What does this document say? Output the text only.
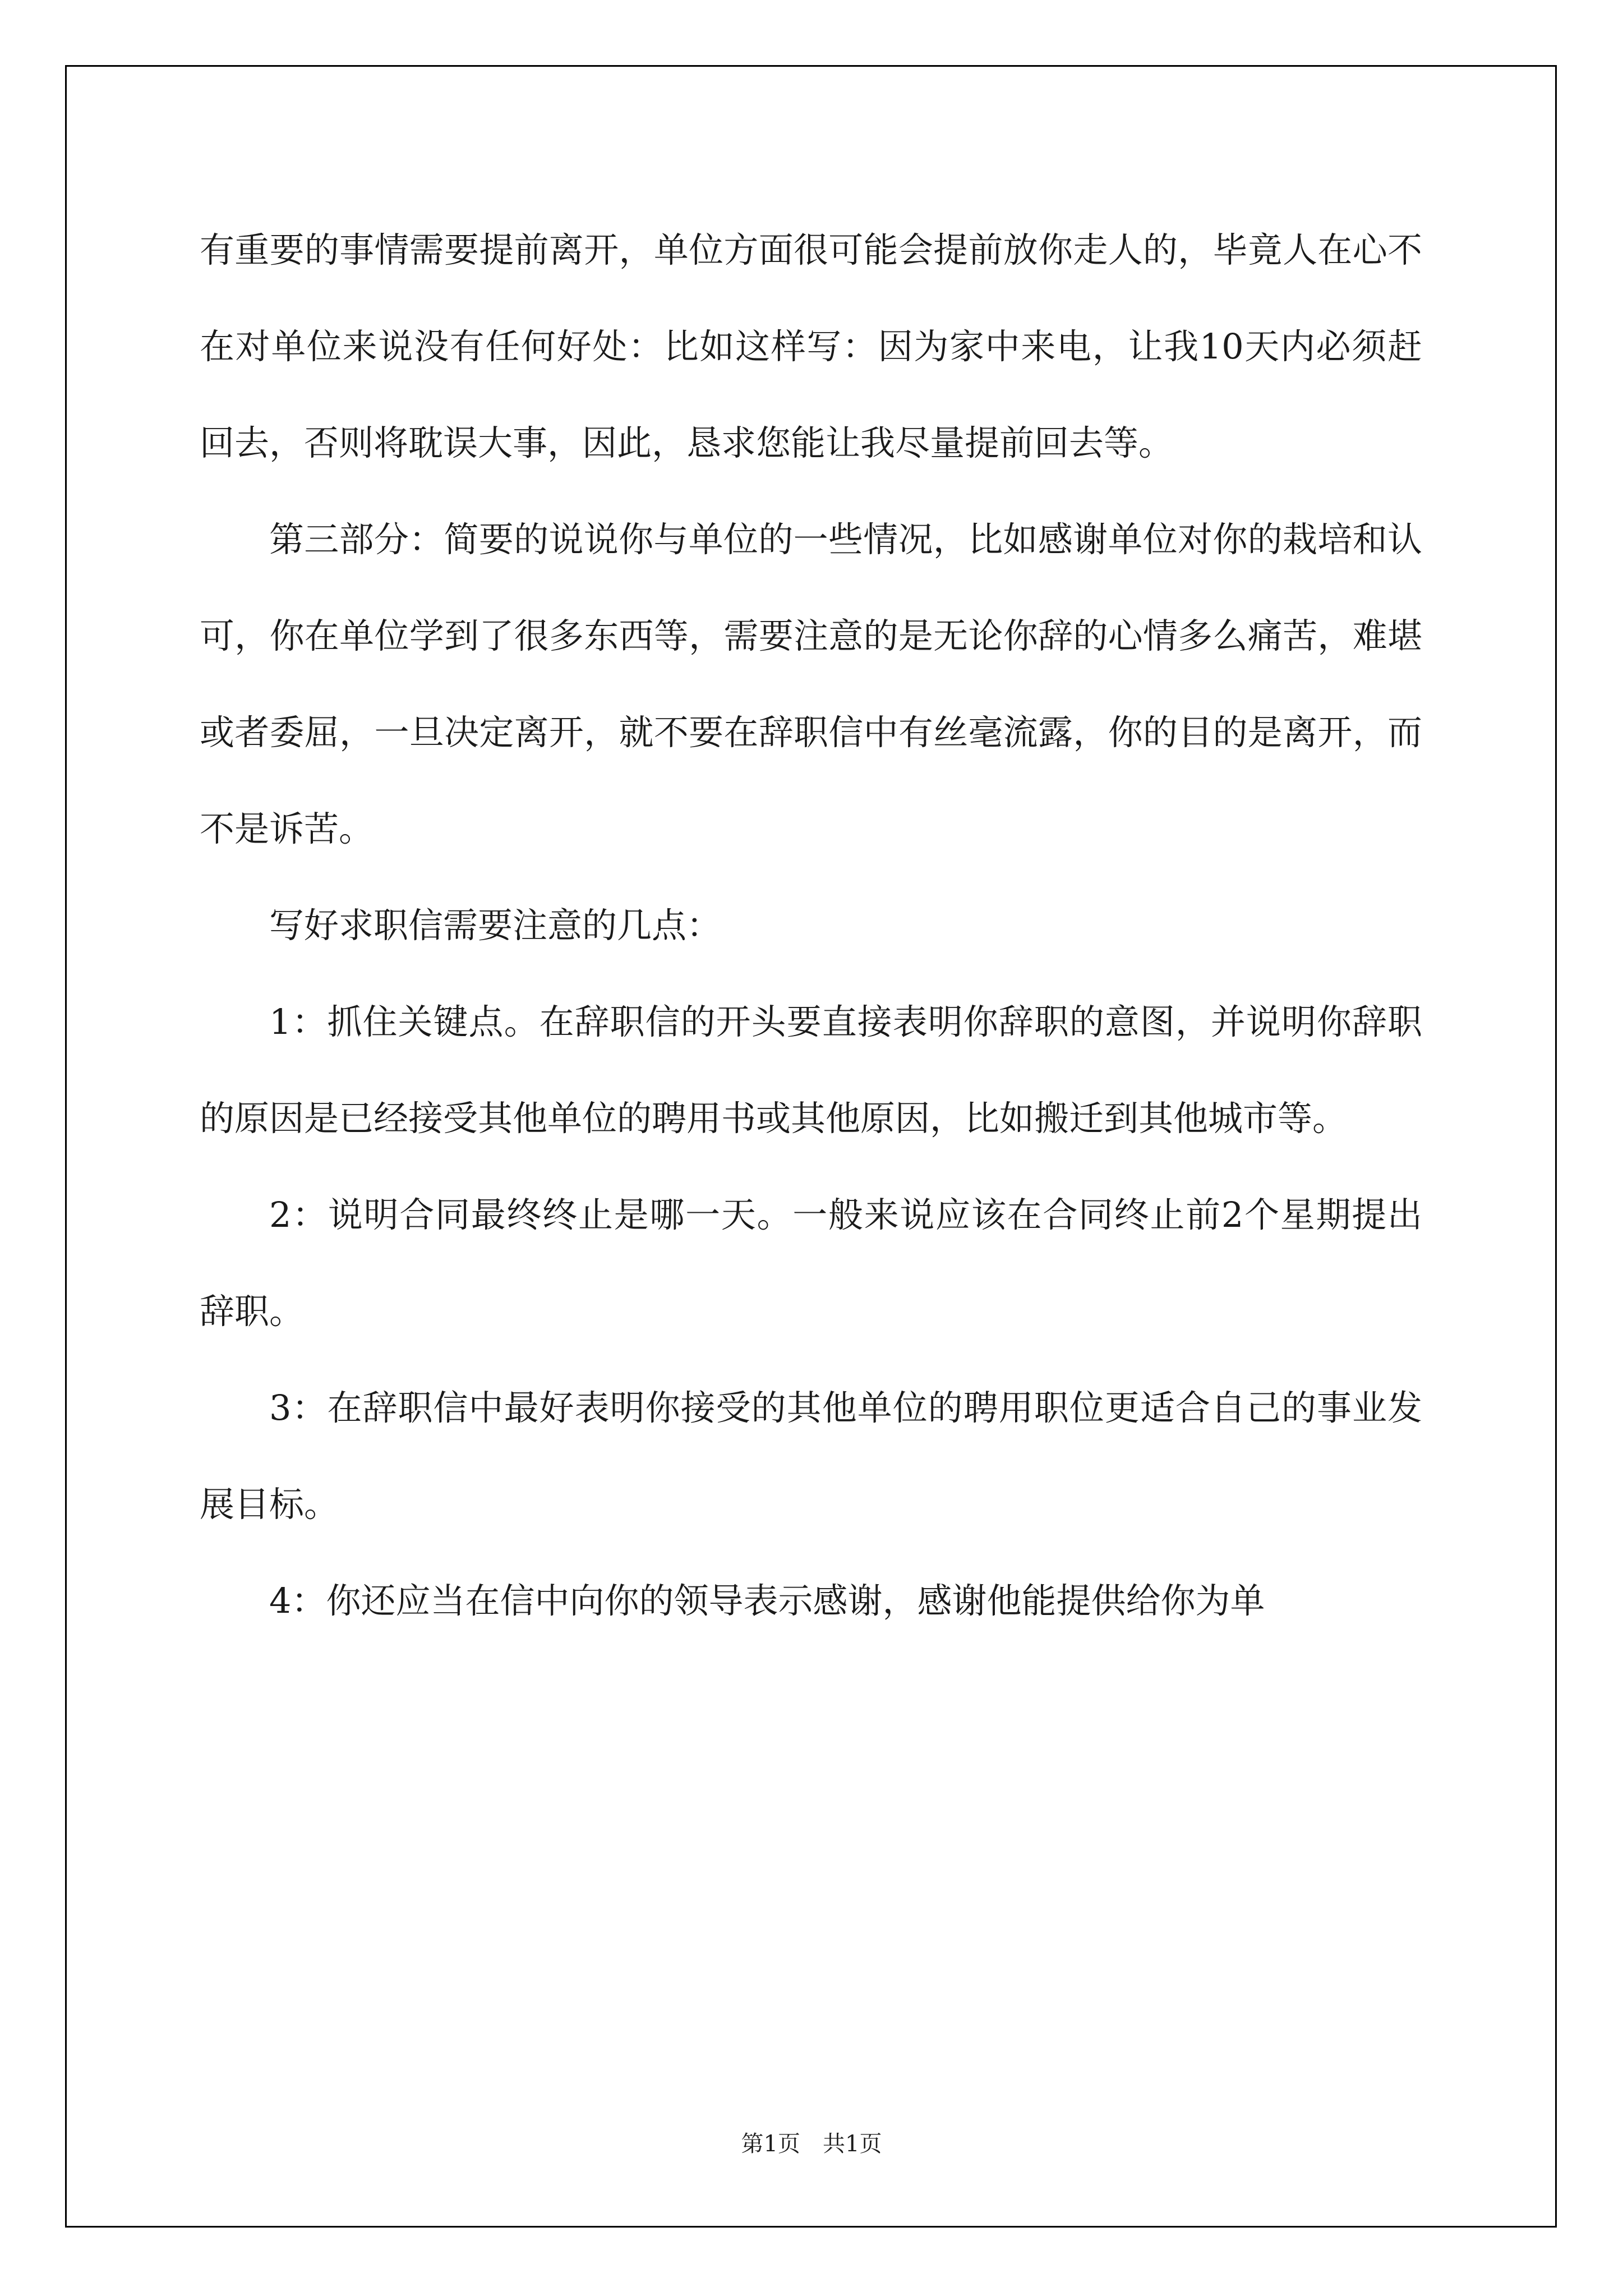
有重要的事情需要提前离开，单位方面很可能会提前放你走人的，毕竟人在心不在对单位来说没有任何好处：比如这样写：因为家中来电，让我10天内必须赶回去，否则将耽误大事，因此，恳求您能让我尽量提前回去等。

第三部分：简要的说说你与单位的一些情况，比如感谢单位对你的栽培和认可，你在单位学到了很多东西等，需要注意的是无论你辞的心情多么痛苦，难堪或者委屈，一旦决定离开，就不要在辞职信中有丝毫流露，你的目的是离开，而不是诉苦。

写好求职信需要注意的几点：

1：抓住关键点。在辞职信的开头要直接表明你辞职的意图，并说明你辞职的原因是已经接受其他单位的聘用书或其他原因，比如搬迁到其他城市等。

2：说明合同最终终止是哪一天。一般来说应该在合同终止前2个星期提出辞职。

3：在辞职信中最好表明你接受的其他单位的聘用职位更适合自己的事业发展目标。

4：你还应当在信中向你的领导表示感谢，感谢他能提供给你为单

第1页 共1页
